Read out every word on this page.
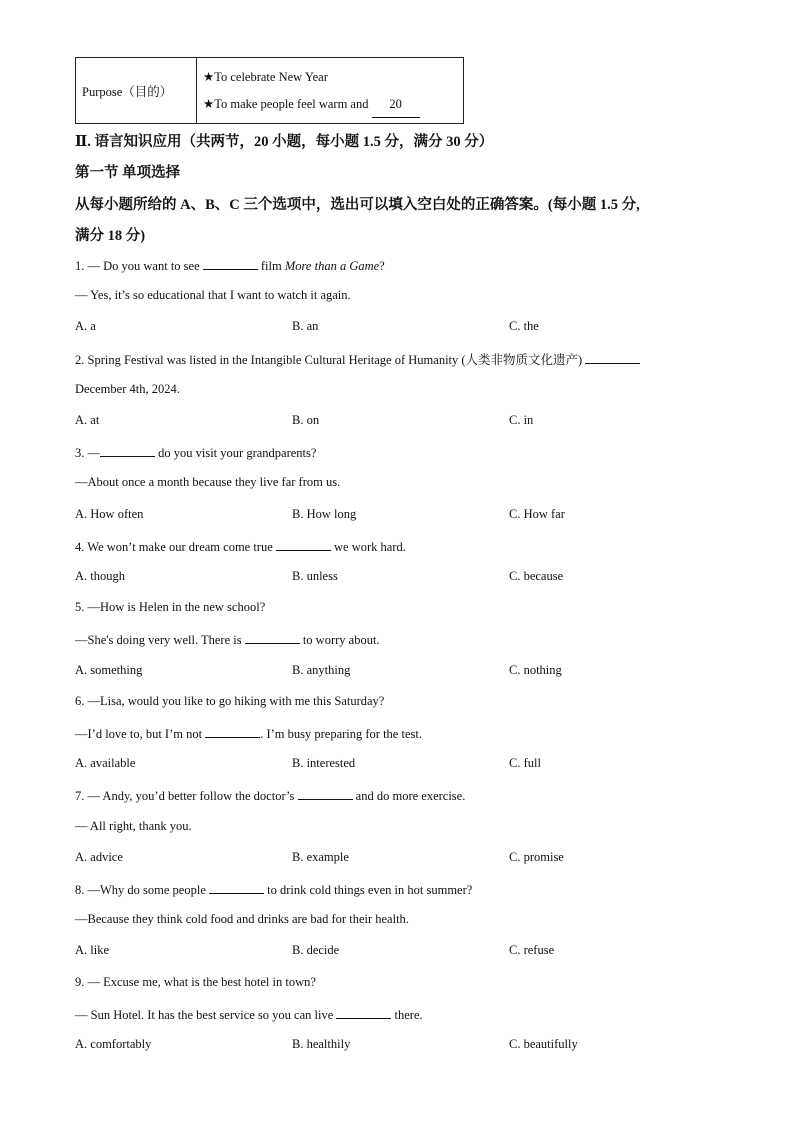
Purpose（目的）	
★To celebrate New Year
★To make people feel warm and 20
Ⅱ. 语言知识应用（共两节，20 小题，每小题 1.5 分，满分 30 分）
第一节 单项选择
从每小题所给的 A、B、C 三个选项中，选出可以填入空白处的正确答案。(每小题 1.5 分,
满分 18 分)
1. — Do you want to see	film More than a Game?
— Yes, it’s so educational that I want to watch it again.
A. a	B. an	C. the
2. Spring Festival was listed in the Intangible Cultural Heritage of Humanity (人类非物质文化遗产)
December 4th, 2024.
A. at	B. on	C. in
3. —	do you visit your grandparents?
—About once a month because they live far from us.
A. How often	B. How long	C. How far
4. We won’t make our dream come true	we work hard.
A. though	B. unless	C. because
5. —How is Helen in the new school?
—She's doing very well. There is	to worry about.
A. something	B. anything	C. nothing
6. —Lisa, would you like to go hiking with me this Saturday?
—I’d love to, but I’m not	. I’m busy preparing for the test.
A. available	B. interested	C. full
7. — Andy, you’d better follow the doctor’s	and do more exercise.
— All right, thank you.
A. advice	B. example	C. promise
8. —Why do some people	to drink cold things even in hot summer?
—Because they think cold food and drinks are bad for their health.
A. like	B. decide	C. refuse
9. — Excuse me, what is the best hotel in town?
— Sun Hotel. It has the best service so you can live	there.
A. comfortably	B. healthily	C. beautifully
